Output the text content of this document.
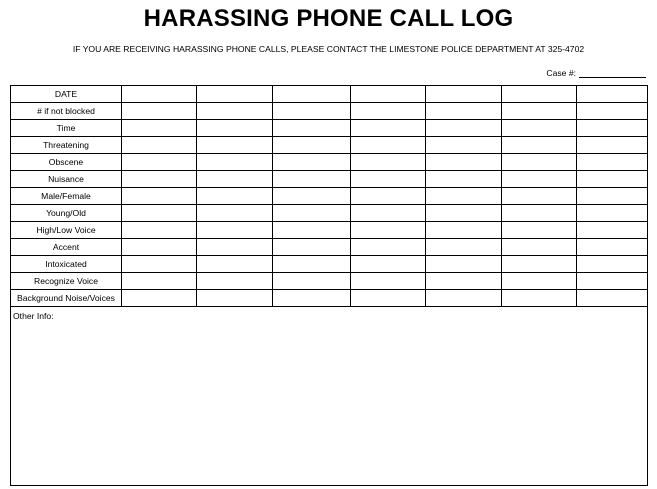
HARASSING PHONE CALL LOG

IF YOU ARE RECEIVING HARASSING PHONE CALLS, PLEASE CONTACT THE LIMESTONE POLICE DEPARTMENT AT 325-4702

Case #:
DATE							
# if not blocked							
Time							
Threatening							
Obscene							
Nuisance							
Male/Female							
Young/Old							
High/Low Voice							
Accent							
Intoxicated							
Recognize Voice							
Background Noise/Voices							
Other Info:
